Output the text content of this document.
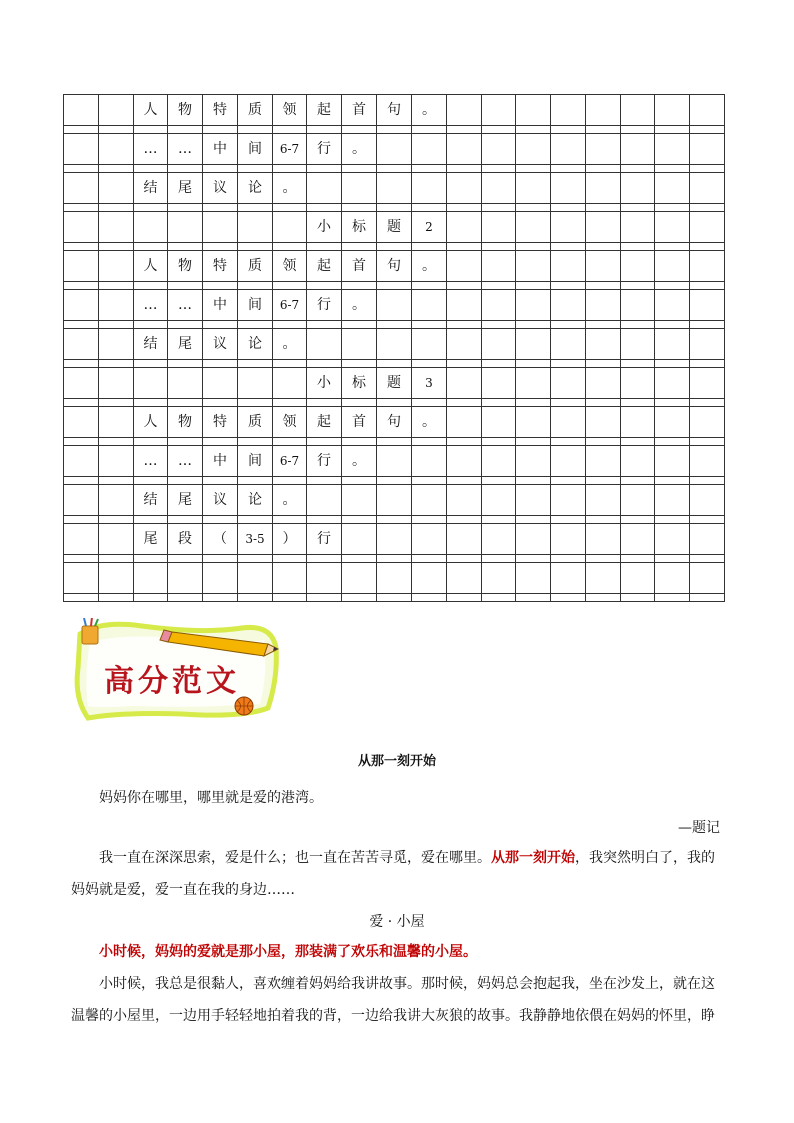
		人	物	特	质	领	起	首	句	。								

		…	…	中	间	6-7	行	。										

		结	尾	议	论	。												

							小	标	题	2								

		人	物	特	质	领	起	首	句	。								

		…	…	中	间	6-7	行	。										

		结	尾	议	论	。												

							小	标	题	3								

		人	物	特	质	领	起	首	句	。								

		…	…	中	间	6-7	行	。										

		结	尾	议	论	。												

		尾	段	（	3-5	）	行											

高分范文
从那一刻开始
妈妈你在哪里，哪里就是爱的港湾。
—题记
我一直在深深思索，爱是什么；也一直在苦苦寻觅，爱在哪里。从那一刻开始，我突然明白了，我的
妈妈就是爱，爱一直在我的身边……
爱 · 小屋
小时候，妈妈的爱就是那小屋，那装满了欢乐和温馨的小屋。
小时候，我总是很黏人，喜欢缠着妈妈给我讲故事。那时候，妈妈总会抱起我，坐在沙发上，就在这
温馨的小屋里，一边用手轻轻地拍着我的背，一边给我讲大灰狼的故事。我静静地依偎在妈妈的怀里，睁
